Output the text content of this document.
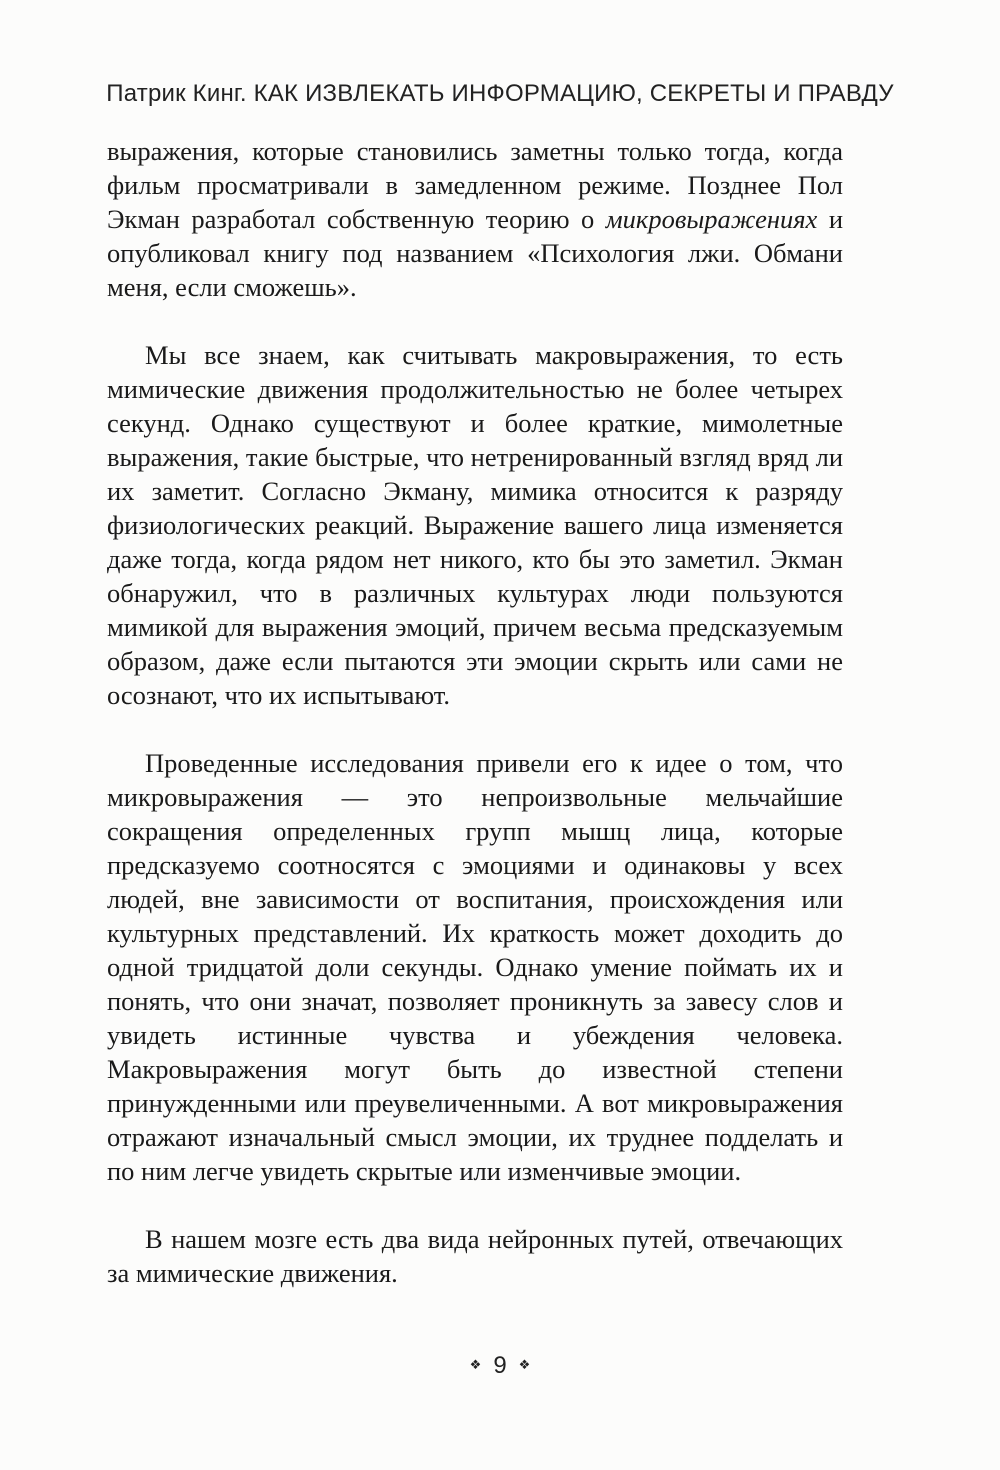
Патрик Кинг. КАК ИЗВЛЕКАТЬ ИНФОРМАЦИЮ, СЕКРЕТЫ И ПРАВДУ

выражения, которые становились заметны только тогда, когда фильм просматривали в замедленном режиме. Позднее Пол Экман разработал собственную теорию о микровыражениях и опубликовал книгу под названием «Психология лжи. Обмани меня, если сможешь».

Мы все знаем, как считывать макровыражения, то есть мимические движения продолжительностью не более четырех секунд. Однако существуют и более краткие, мимолетные выражения, такие быстрые, что нетренированный взгляд вряд ли их заметит. Согласно Экману, мимика относится к разряду физиологических реакций. Выражение вашего лица изменяется даже тогда, когда рядом нет никого, кто бы это заметил. Экман обнаружил, что в различных культурах люди пользуются мимикой для выражения эмоций, причем весьма предсказуемым образом, даже если пытаются эти эмоции скрыть или сами не осознают, что их испытывают.

Проведенные исследования привели его к идее о том, что микровыражения — это непроизвольные мельчайшие сокращения определенных групп мышц лица, которые предсказуемо соотносятся с эмоциями и одинаковы у всех людей, вне зависимости от воспитания, происхождения или культурных представлений. Их краткость может доходить до одной тридцатой доли секунды. Однако умение поймать их и понять, что они значат, позволяет проникнуть за завесу слов и увидеть истинные чувства и убеждения человека. Макровыражения могут быть до известной степени принужденными или преувеличенными. А вот микровыражения отражают изначальный смысл эмоции, их труднее подделать и по ним легче увидеть скрытые или изменчивые эмоции.

В нашем мозге есть два вида нейронных путей, отвечающих за мимические движения.

❖ 9 ❖
